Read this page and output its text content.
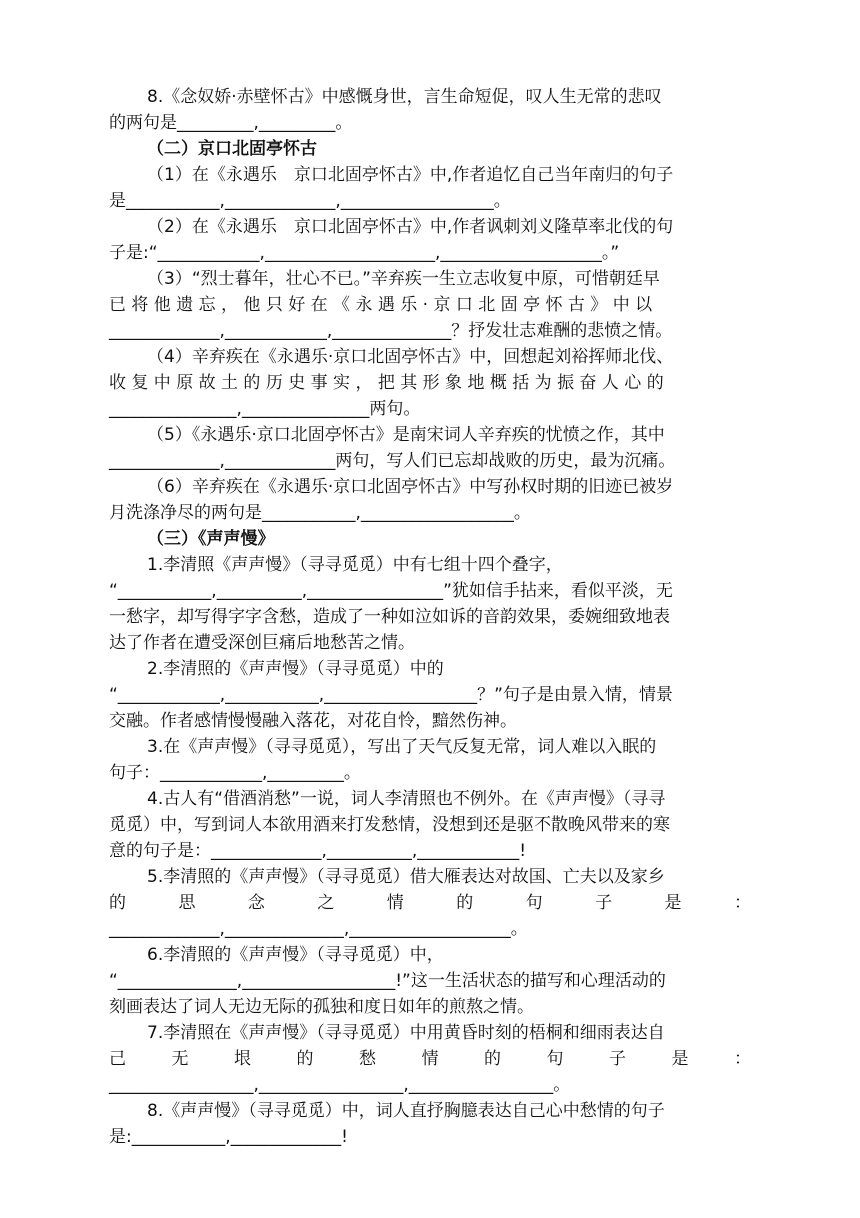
8.《念奴娇·赤壁怀古》中感慨身世，言生命短促，叹人生无常的悲叹
的两句是_________,_________。
（二）京口北固亭怀古
（1）在《永遇乐　京口北固亭怀古》中,作者追忆自己当年南归的句子
是___________,_____________,__________________。
（2）在《永遇乐　京口北固亭怀古》中,作者讽刺刘义隆草率北伐的句
子是:“____________,____________________,___________________。”
（3）“烈士暮年，壮心不已。”辛弃疾一生立志收复中原，可惜朝廷早
已 将 他 遗 忘 ， 他 只 好 在 《 永 遇 乐 · 京 口 北 固 亭 怀 古 》 中 以
_____________,____________,______________？抒发壮志难酬的悲愤之情。
（4）辛弃疾在《永遇乐·京口北固亭怀古》中，回想起刘裕挥师北伐、
收 复 中 原 故 土 的 历 史 事 实 ， 把 其 形 象 地 概 括 为 振 奋 人 心 的
_______________,_______________两句。
（5）《永遇乐·京口北固亭怀古》是南宋词人辛弃疾的忧愤之作，其中
_____________,_____________两句，写人们已忘却战败的历史，最为沉痛。
（6）辛弃疾在《永遇乐·京口北固亭怀古》中写孙权时期的旧迹已被岁
月洗涤净尽的两句是___________,__________________。
（三）《声声慢》
1.李清照《声声慢》（寻寻觅觅）中有七组十四个叠字，
“___________,__________,________________”犹如信手拈来，看似平淡，无
一愁字，却写得字字含愁，造成了一种如泣如诉的音韵效果，委婉细致地表
达了作者在遭受深创巨痛后地愁苦之情。
2.李清照的《声声慢》（寻寻觅觅）中的
“____________,___________,__________________？”句子是由景入情，情景
交融。作者感情慢慢融入落花，对花自怜，黯然伤神。
3.在《声声慢》（寻寻觅觅），写出了天气反复无常，词人难以入眠的
句子：____________,_________。
4.古人有“借酒消愁”一说，词人李清照也不例外。在《声声慢》（寻寻
觅觅）中，写到词人本欲用酒来打发愁情，没想到还是驱不散晚风带来的寒
意的句子是：_____________,__________,____________!
5.李清照的《声声慢》（寻寻觅觅）借大雁表达对故国、亡夫以及家乡
的 思 念 之 情 的 句 子 是 ：
_____________,______________,___________________。
6.李清照的《声声慢》（寻寻觅觅）中，
“______________,__________________!”这一生活状态的描写和心理活动的
刻画表达了词人无边无际的孤独和度日如年的煎熬之情。
7.李清照在《声声慢》（寻寻觅觅）中用黄昏时刻的梧桐和细雨表达自
己 无 垠 的 愁 情 的 句 子 是 ：
_________________,_________________,_________________。
8.《声声慢》（寻寻觅觅）中，词人直抒胸臆表达自己心中愁情的句子
是:___________,_____________!
